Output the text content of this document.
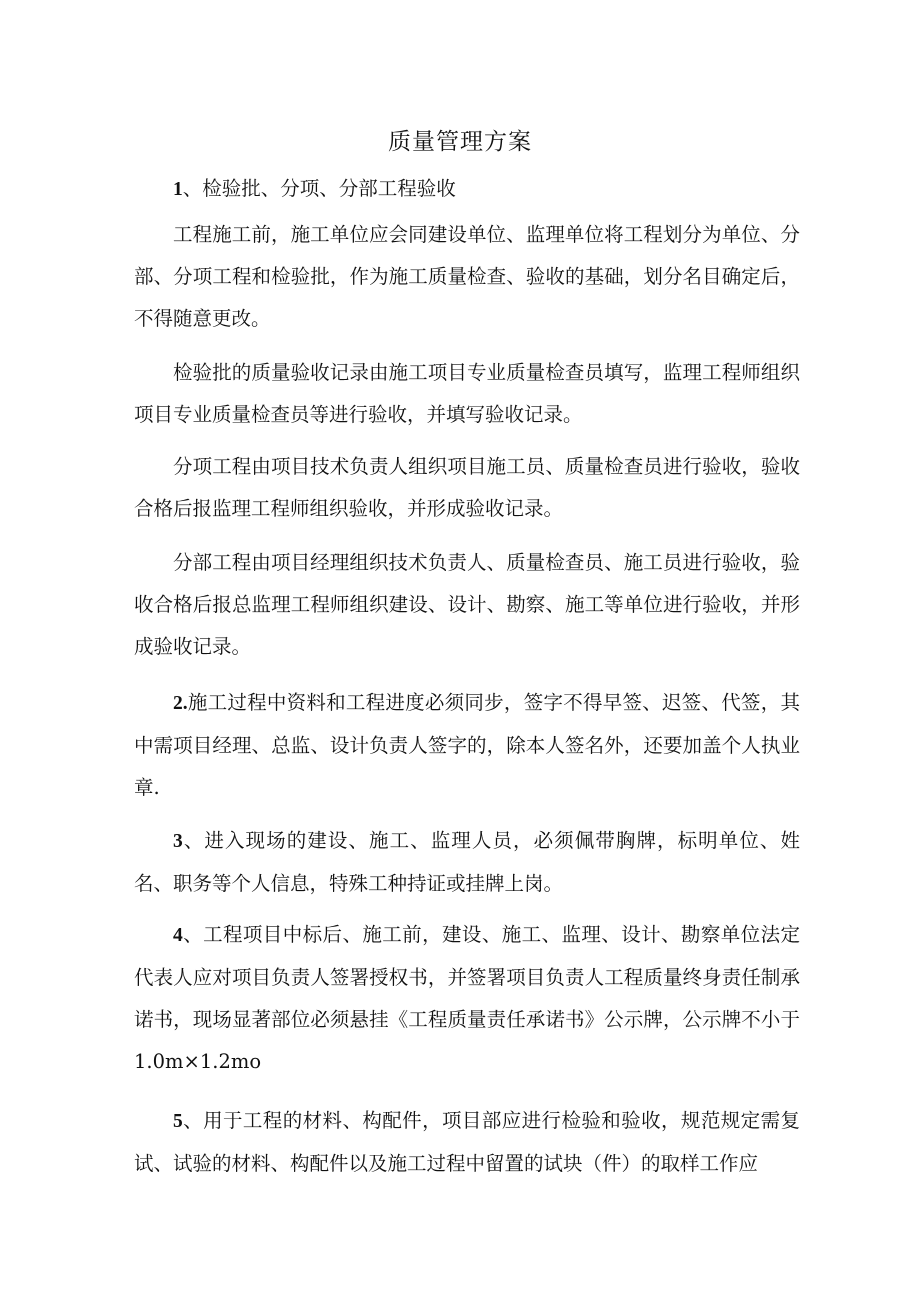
质量管理方案

1、检验批、分项、分部工程验收

工程施工前，施工单位应会同建设单位、监理单位将工程划分为单位、分部、分项工程和检验批，作为施工质量检查、验收的基础，划分名目确定后，不得随意更改。

检验批的质量验收记录由施工项目专业质量检查员填写，监理工程师组织项目专业质量检查员等进行验收，并填写验收记录。

分项工程由项目技术负责人组织项目施工员、质量检查员进行验收，验收合格后报监理工程师组织验收，并形成验收记录。

分部工程由项目经理组织技术负责人、质量检查员、施工员进行验收，验收合格后报总监理工程师组织建设、设计、勘察、施工等单位进行验收，并形成验收记录。

2.施工过程中资料和工程进度必须同步，签字不得早签、迟签、代签，其中需项目经理、总监、设计负责人签字的，除本人签名外，还要加盖个人执业章.

3、进入现场的建设、施工、监理人员，必须佩带胸牌，标明单位、姓名、职务等个人信息，特殊工种持证或挂牌上岗。

4、工程项目中标后、施工前，建设、施工、监理、设计、勘察单位法定代表人应对项目负责人签署授权书，并签署项目负责人工程质量终身责任制承诺书，现场显著部位必须悬挂《工程质量责任承诺书》公示牌，公示牌不小于 1.0m×1.2mo

5、用于工程的材料、构配件，项目部应进行检验和验收，规范规定需复试、试验的材料、构配件以及施工过程中留置的试块（件）的取样工作应
